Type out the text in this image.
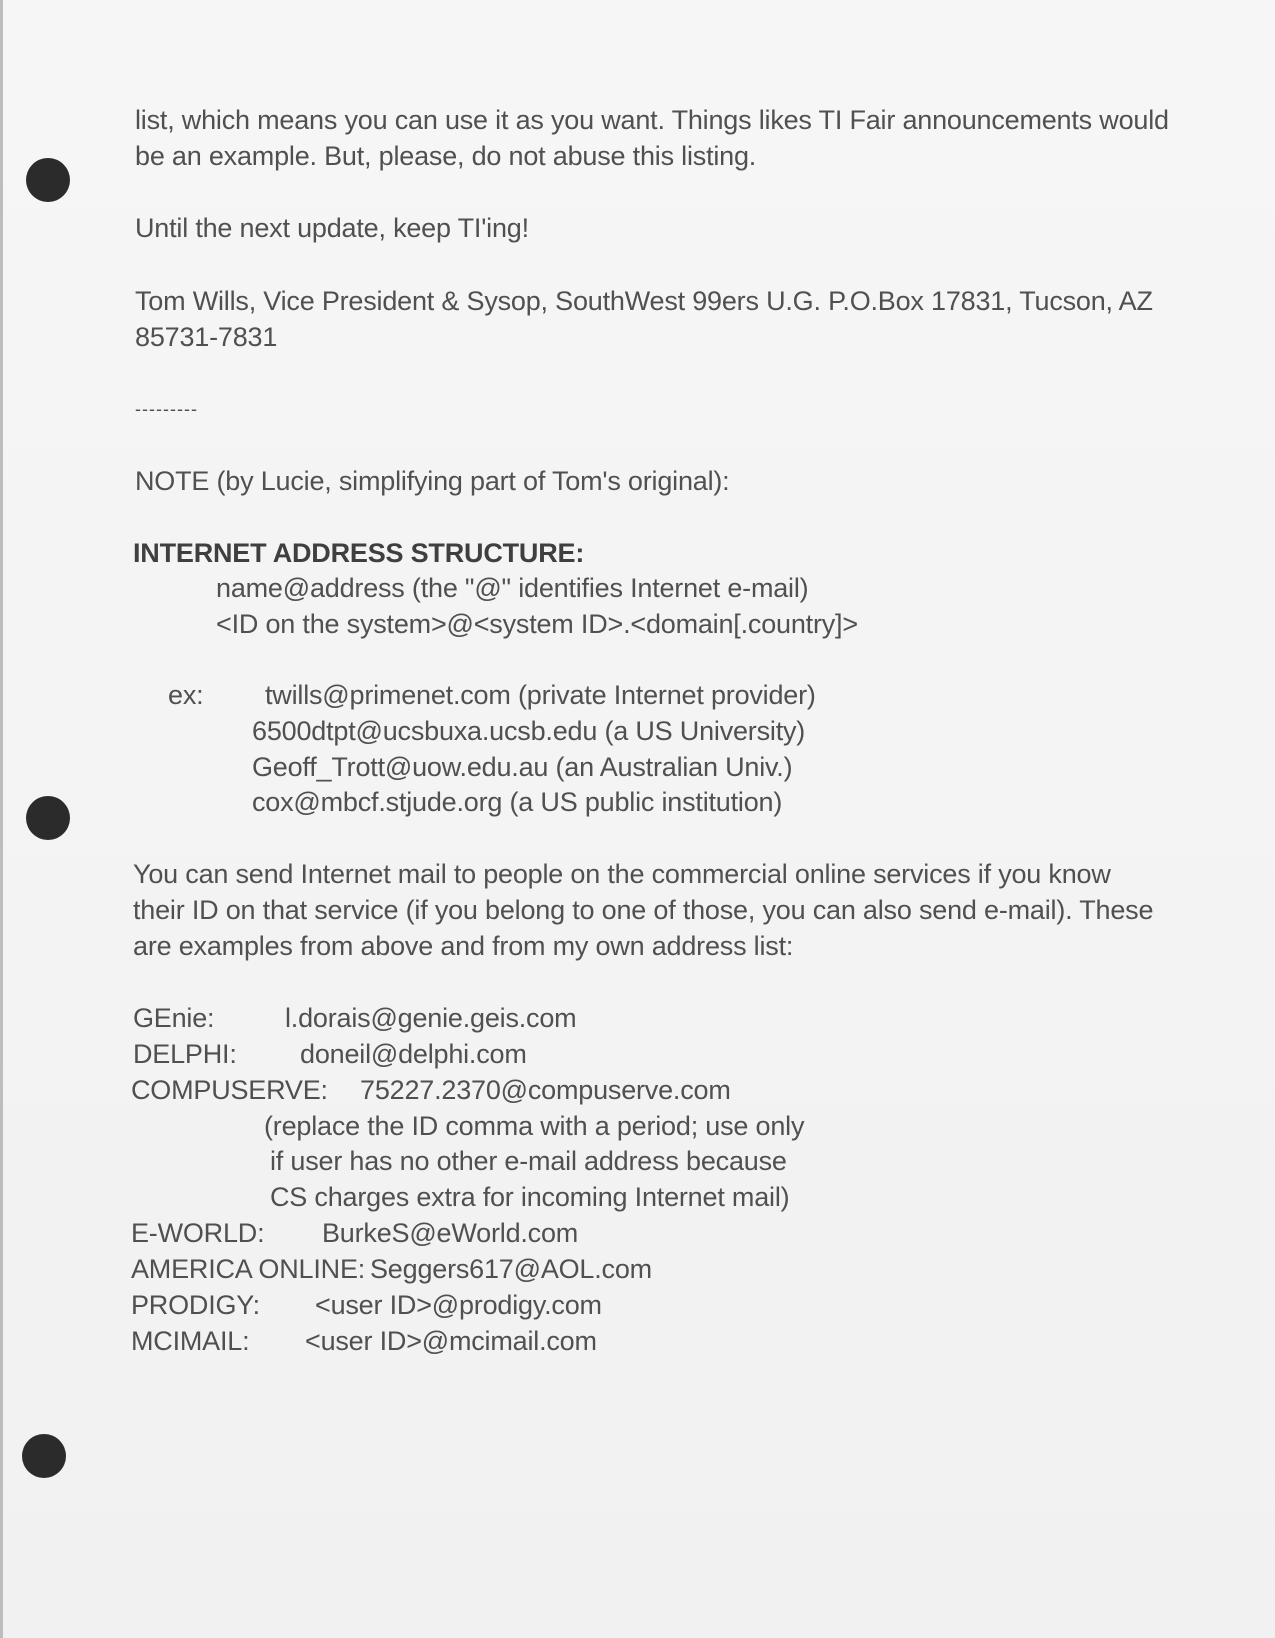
list, which means you can use it as you want. Things likes TI Fair announcements would
be an example. But, please, do not abuse this listing.
Until the next update, keep TI'ing!
Tom Wills, Vice President & Sysop, SouthWest 99ers U.G. P.O.Box 17831, Tucson, AZ
85731-7831
---------
NOTE (by Lucie, simplifying part of Tom's original):
INTERNET ADDRESS STRUCTURE:
name@address (the "@" identifies Internet e-mail)
<ID on the system>@<system ID>.<domain[.country]>
ex: twills@primenet.com (private Internet provider)
6500dtpt@ucsbuxa.ucsb.edu (a US University)
Geoff_Trott@uow.edu.au (an Australian Univ.)
cox@mbcf.stjude.org (a US public institution)
You can send Internet mail to people on the commercial online services if you know
their ID on that service (if you belong to one of those, you can also send e-mail). These
are examples from above and from my own address list:
GEnie:	l.dorais@genie.geis.com
DELPHI: doneil@delphi.com
COMPUSERVE: 75227.2370@compuserve.com
(replace the ID comma with a period; use only
if user has no other e-mail address because
CS charges extra for incoming Internet mail)
E-WORLD: BurkeS@eWorld.com
AMERICA ONLINE: Seggers617@AOL.com
PRODIGY: <user ID>@prodigy.com
MCIMAIL: <user ID>@mcimail.com
